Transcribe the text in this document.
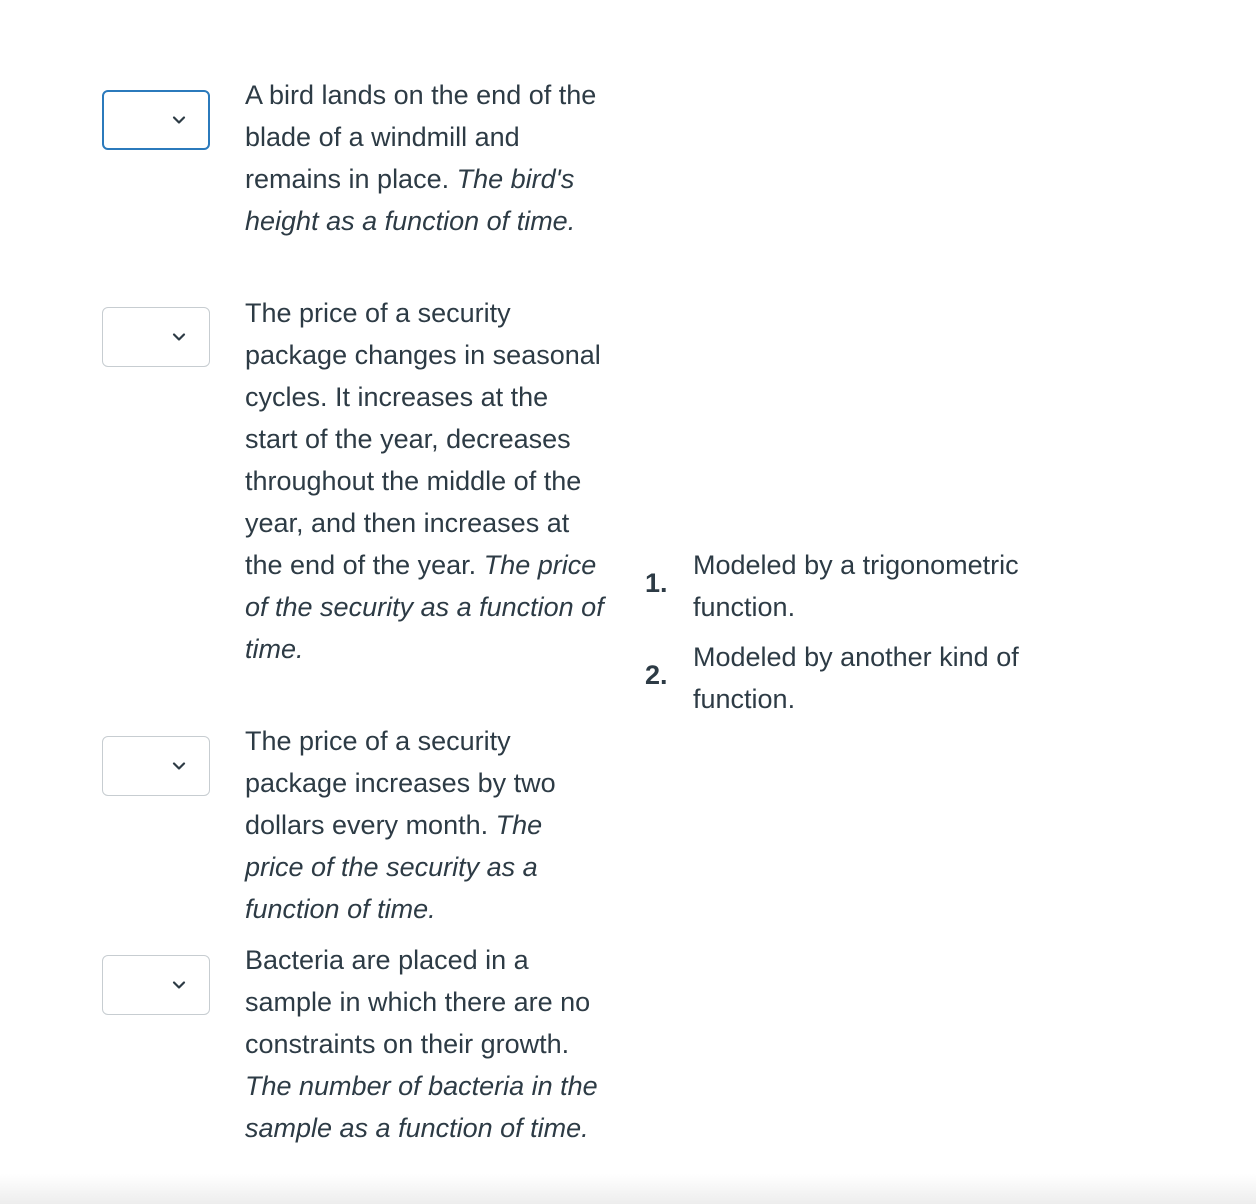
A bird lands on the end of the blade of a windmill and remains in place. The bird's height as a function of time.
The price of a security package changes in seasonal cycles. It increases at the start of the year, decreases throughout the middle of the year, and then increases at the end of the year. The price of the security as a function of time.
The price of a security package increases by two dollars every month. The price of the security as a function of time.
Bacteria are placed in a sample in which there are no constraints on their growth. The number of bacteria in the sample as a function of time.
1.
Modeled by a trigonometric function.
2.
Modeled by another kind of function.
